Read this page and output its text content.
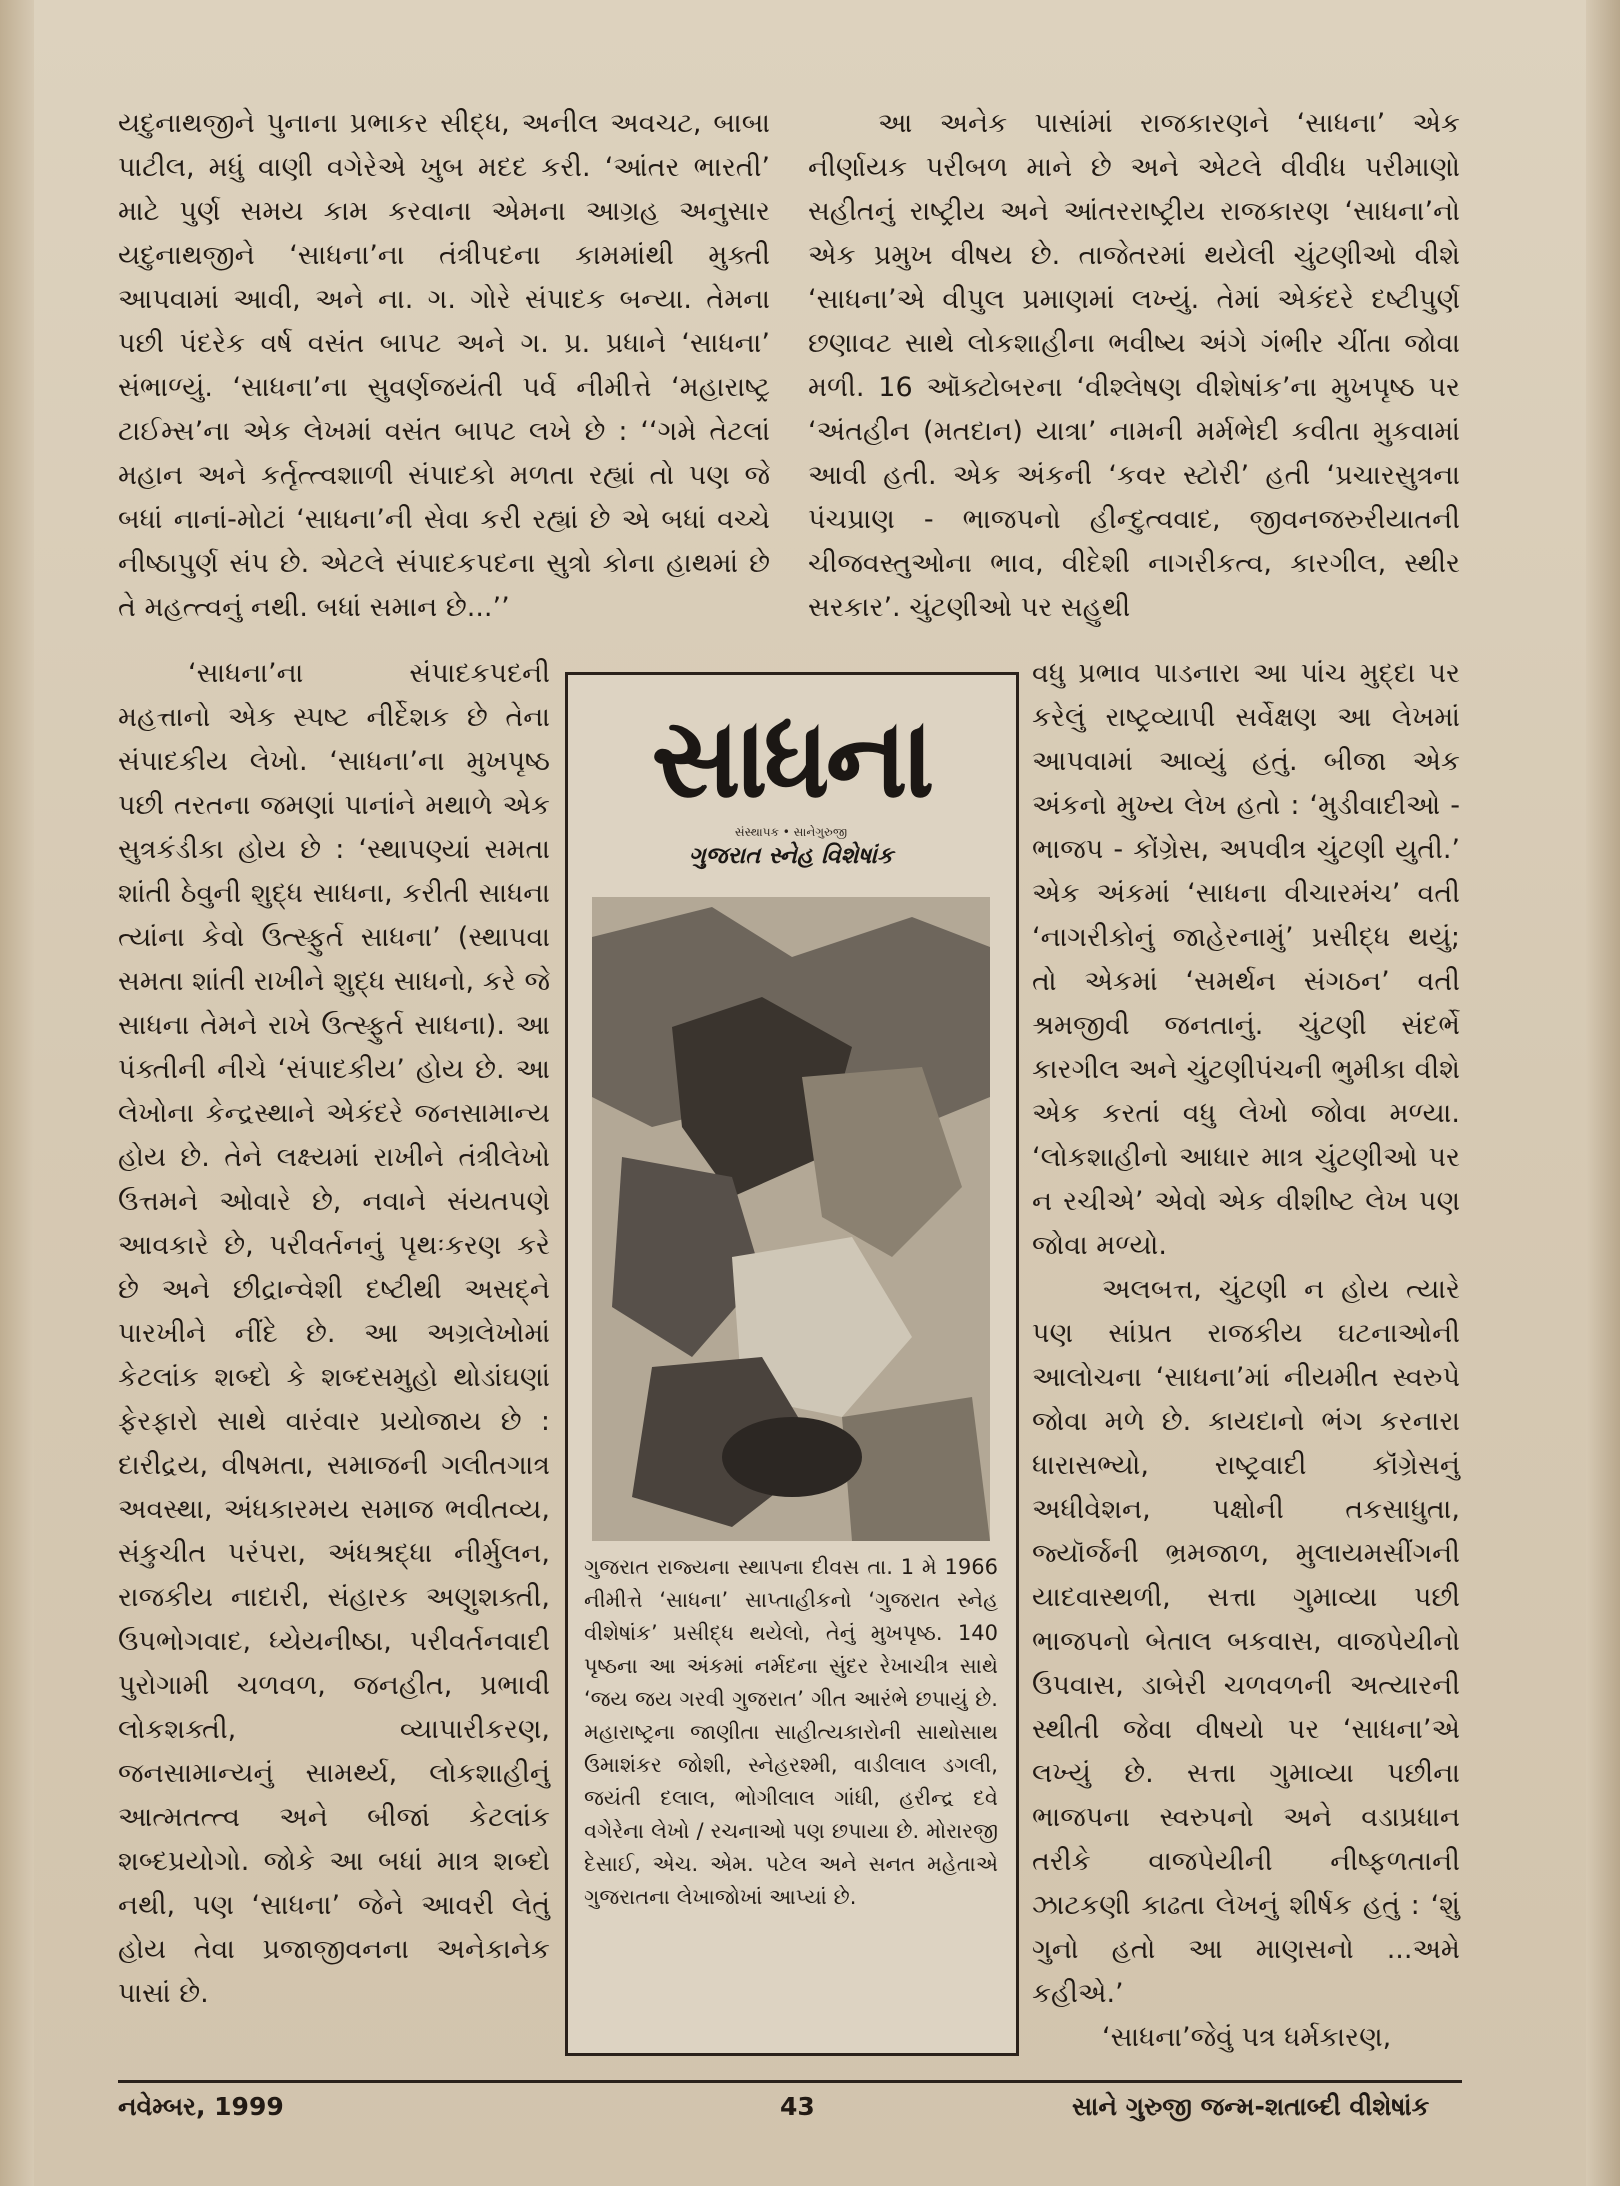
યદુનાથજીને પુનાના પ્રભાકર સીદ્ધ, અનીલ અવચટ, બાબા પાટીલ, મધું વાણી વગેરેએ ખુબ મદદ કરી. ‘આંતર ભારતી’ માટે પુર્ણ સમય કામ કરવાના એમના આગ્રહ અનુસાર યદુનાથજીને ‘સાધના’ના તંત્રીપદના કામમાંથી મુક્તી આપવામાં આવી, અને ના. ગ. ગોરે સંપાદક બન્યા. તેમના પછી પંદરેક વર્ષ વસંત બાપટ અને ગ. પ્ર. પ્રધાને ‘સાધના’ સંભાળ્યું. ‘સાધના’ના સુવર્ણજયંતી પર્વ નીમીત્તે ‘મહારાષ્ટ્ર ટાઈમ્સ’ના એક લેખમાં વસંત બાપટ લખે છે : ‘‘ગમે તેટલાં મહાન અને કર્તૃત્ત્વશાળી સંપાદકો મળતા રહ્યાં તો પણ જે બધાં નાનાં-મોટાં ‘સાધના’ની સેવા કરી રહ્યાં છે એ બધાં વચ્ચે નીષ્ઠાપુર્ણ સંપ છે. એટલે સંપાદકપદના સુત્રો કોના હાથમાં છે તે મહત્ત્વનું નથી. બધાં સમાન છે...’’

આ અનેક પાસાંમાં રાજકારણને ‘સાધના’ એક નીર્ણાયક પરીબળ માને છે અને એટલે વીવીધ પરીમાણો સહીતનું રાષ્ટ્રીય અને આંતરરાષ્ટ્રીય રાજકારણ ‘સાધના’નો એક પ્રમુખ વીષય છે. તાજેતરમાં થયેલી ચુંટણીઓ વીશે ‘સાધના’એ વીપુલ પ્રમાણમાં લખ્યું. તેમાં એકંદરે દષ્ટીપુર્ણ છણાવટ સાથે લોકશાહીના ભવીષ્ય અંગે ગંભીર ચીંતા જોવા મળી. 16 ઑક્ટોબરના ‘વીશ્લેષણ વીશેષાંક’ના મુખપૃષ્ઠ પર ‘અંતહીન (મતદાન) યાત્રા’ નામની મર્મભેદી કવીતા મુકવામાં આવી હતી. એક અંકની ‘કવર સ્ટોરી’ હતી ‘પ્રચારસુત્રના પંચપ્રાણ - ભાજપનો હીન્દુત્વવાદ, જીવનજરુરીયાતની ચીજવસ્તુઓના ભાવ, વીદેશી નાગરીકત્વ, કારગીલ, સ્થીર સરકાર’. ચુંટણીઓ પર સહુથી

‘સાધના’ના સંપાદકપદની મહત્તાનો એક સ્પષ્ટ નીર્દેશક છે તેના સંપાદકીય લેખો. ‘સાધના’ના મુખપૃષ્ઠ પછી તરતના જમણાં પાનાંને મથાળે એક સુત્રકંડીકા હોય છે : ‘સ્થાપણ્યાં સમતા શાંતી ઠેવુની શુદ્ધ સાધના, કરીતી સાધના ત્યાંના કેવો ઉત્સ્ફુર્ત સાધના’ (સ્થાપવા સમતા શાંતી રાખીને શુદ્ધ સાધનો, કરે જે સાધના તેમને રાખે ઉત્સ્ફુર્ત સાધના). આ પંક્તીની નીચે ‘સંપાદકીય’ હોય છે. આ લેખોના કેન્દ્રસ્થાને એકંદરે જનસામાન્ય હોય છે. તેને લક્ષ્યમાં રાખીને તંત્રીલેખો ઉત્તમને ઓવારે છે, નવાને સંયતપણે આવકારે છે, પરીવર્તનનું પૃથઃકરણ કરે છે અને છીદ્રાન્વેશી દષ્ટીથી અસદ્‌ને પારખીને નીંદે છે. આ અગ્રલેખોમાં કેટલાંક શબ્દો કે શબ્દસમુહો થોડાંઘણાં ફેરફારો સાથે વારંવાર પ્રયોજાય છે : દારીદ્રય, વીષમતા, સમાજની ગલીતગાત્ર અવસ્થા, અંધકારમય સમાજ ભવીતવ્ય, સંકુચીત પરંપરા, અંધશ્રદ્ધા નીર્મુલન, રાજકીય નાદારી, સંહારક અણુશક્તી, ઉપભોગવાદ, ધ્યેયનીષ્ઠા, પરીવર્તનવાદી પુરોગામી ચળવળ, જનહીત, પ્રભાવી લોકશક્તી, વ્યાપારીકરણ, જનસામાન્યનું સામર્થ્ય, લોકશાહીનું આત્મતત્ત્વ અને બીજાં કેટલાંક શબ્દપ્રયોગો. જોકે આ બધાં માત્ર શબ્દો નથી, પણ ‘સાધના’ જેને આવરી લેતું હોય તેવા પ્રજાજીવનના અનેકાનેક પાસાં છે.

વધુ પ્રભાવ પાડનારા આ પાંચ મુદ્દા પર કરેલું રાષ્ટ્રવ્યાપી સર્વેક્ષણ આ લેખમાં આપવામાં આવ્યું હતું. બીજા એક અંકનો મુખ્ય લેખ હતો : ‘મુડીવાદીઓ - ભાજપ - કોંગ્રેસ, અપવીત્ર ચુંટણી યુતી.’ એક અંકમાં ‘સાધના વીચારમંચ’ વતી ‘નાગરીકોનું જાહેરનામું’ પ્રસીદ્ધ થયું; તો એકમાં ‘સમર્થન સંગઠન’ વતી શ્રમજીવી જનતાનું. ચુંટણી સંદર્ભે કારગીલ અને ચુંટણીપંચની ભુમીકા વીશે એક કરતાં વધુ લેખો જોવા મળ્યા. ‘લોકશાહીનો આધાર માત્ર ચુંટણીઓ પર ન રચીએ’ એવો એક વીશીષ્ટ લેખ પણ જોવા મળ્યો.

અલબત્ત, ચુંટણી ન હોય ત્યારે પણ સાંપ્રત રાજકીય ઘટનાઓની આલોચના ‘સાધના’માં નીયમીત સ્વરુપે જોવા મળે છે. કાયદાનો ભંગ કરનારા ધારાસભ્યો, રાષ્ટ્રવાદી કૉંગ્રેસનું અધીવેશન, પક્ષોની તકસાધુતા, જ્યૉર્જની ભ્રમજાળ, મુલાયમસીંગની યાદવાસ્થળી, સત્તા ગુમાવ્યા પછી ભાજપનો બેતાલ બકવાસ, વાજપેયીનો ઉપવાસ, ડાબેરી ચળવળની અત્યારની સ્થીતી જેવા વીષયો પર ‘સાધના’એ લખ્યું છે. સત્તા ગુમાવ્યા પછીના ભાજપના સ્વરુપનો અને વડાપ્રધાન તરીકે વાજપેયીની નીષ્ફળતાની ઝાટકણી કાઢતા લેખનું શીર્ષક હતું : ‘શું ગુનો હતો આ માણસનો ...અમે કહીએ.’

‘સાધના’જેવું પત્ર ધર્મકારણ,

સાધના
સંસ્થાપક • સાનેગુરુજી
ગુજરાત સ્નેહ વિશેષાંક
ગુજરાત રાજ્યના સ્થાપના દીવસ તા. 1 મે 1966 નીમીત્તે ‘સાધના’ સાપ્તાહીકનો ‘ગુજરાત સ્નેહ વીશેષાંક’ પ્રસીદ્ધ થયેલો, તેનું મુખપૃષ્ઠ. 140 પૃષ્ઠના આ અંકમાં નર્મદના સુંદર રેખાચીત્ર સાથે ‘જય જય ગરવી ગુજરાત’ ગીત આરંભે છપાયું છે. મહારાષ્ટ્રના જાણીતા સાહીત્યકારોની સાથોસાથ ઉમાશંકર જોશી, સ્નેહરશ્મી, વાડીલાલ ડગલી, જયંતી દલાલ, ભોગીલાલ ગાંધી, હરીન્દ્ર દવે વગેરેના લેખો / રચનાઓ પણ છપાયા છે. મોરારજી દેસાઈ, એચ. એમ. પટેલ અને સનત મહેતાએ ગુજરાતના લેખાજોખાં આપ્યાં છે.
નવેમ્બર, 1999	43	સાને ગુરુજી જન્મ-શતાબ્દી વીશેષાંક
